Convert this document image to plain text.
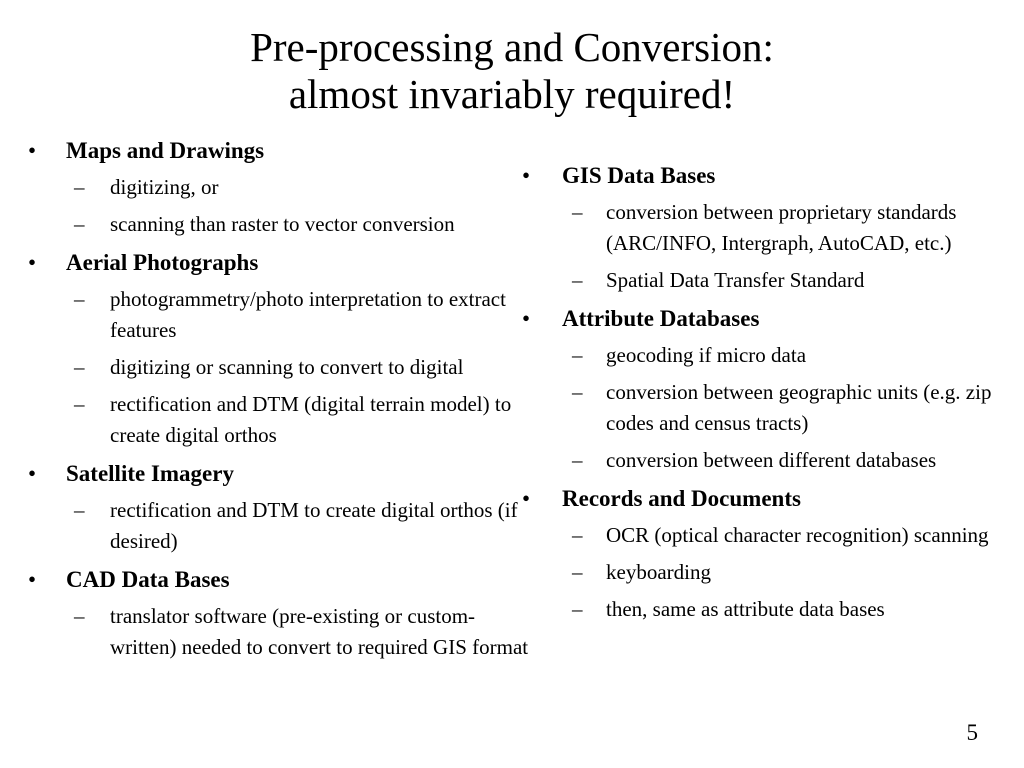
Pre-processing and Conversion:
almost invariably required!
• Maps and Drawings
– digitizing, or
– scanning than raster to vector conversion
• Aerial Photographs
– photogrammetry/photo interpretation to extract features
– digitizing or scanning to convert to digital
– rectification and DTM (digital terrain model) to create digital orthos
• Satellite Imagery
– rectification and DTM to create digital orthos (if desired)
• CAD Data Bases
– translator software (pre-existing or custom-written) needed to convert to required GIS format
• GIS Data Bases
– conversion between proprietary standards (ARC/INFO, Intergraph, AutoCAD, etc.)
– Spatial Data Transfer Standard
• Attribute Databases
– geocoding if micro data
– conversion between geographic units (e.g. zip codes and census tracts)
– conversion between different databases
• Records and Documents
– OCR (optical character recognition) scanning
– keyboarding
– then, same as attribute data bases
5
